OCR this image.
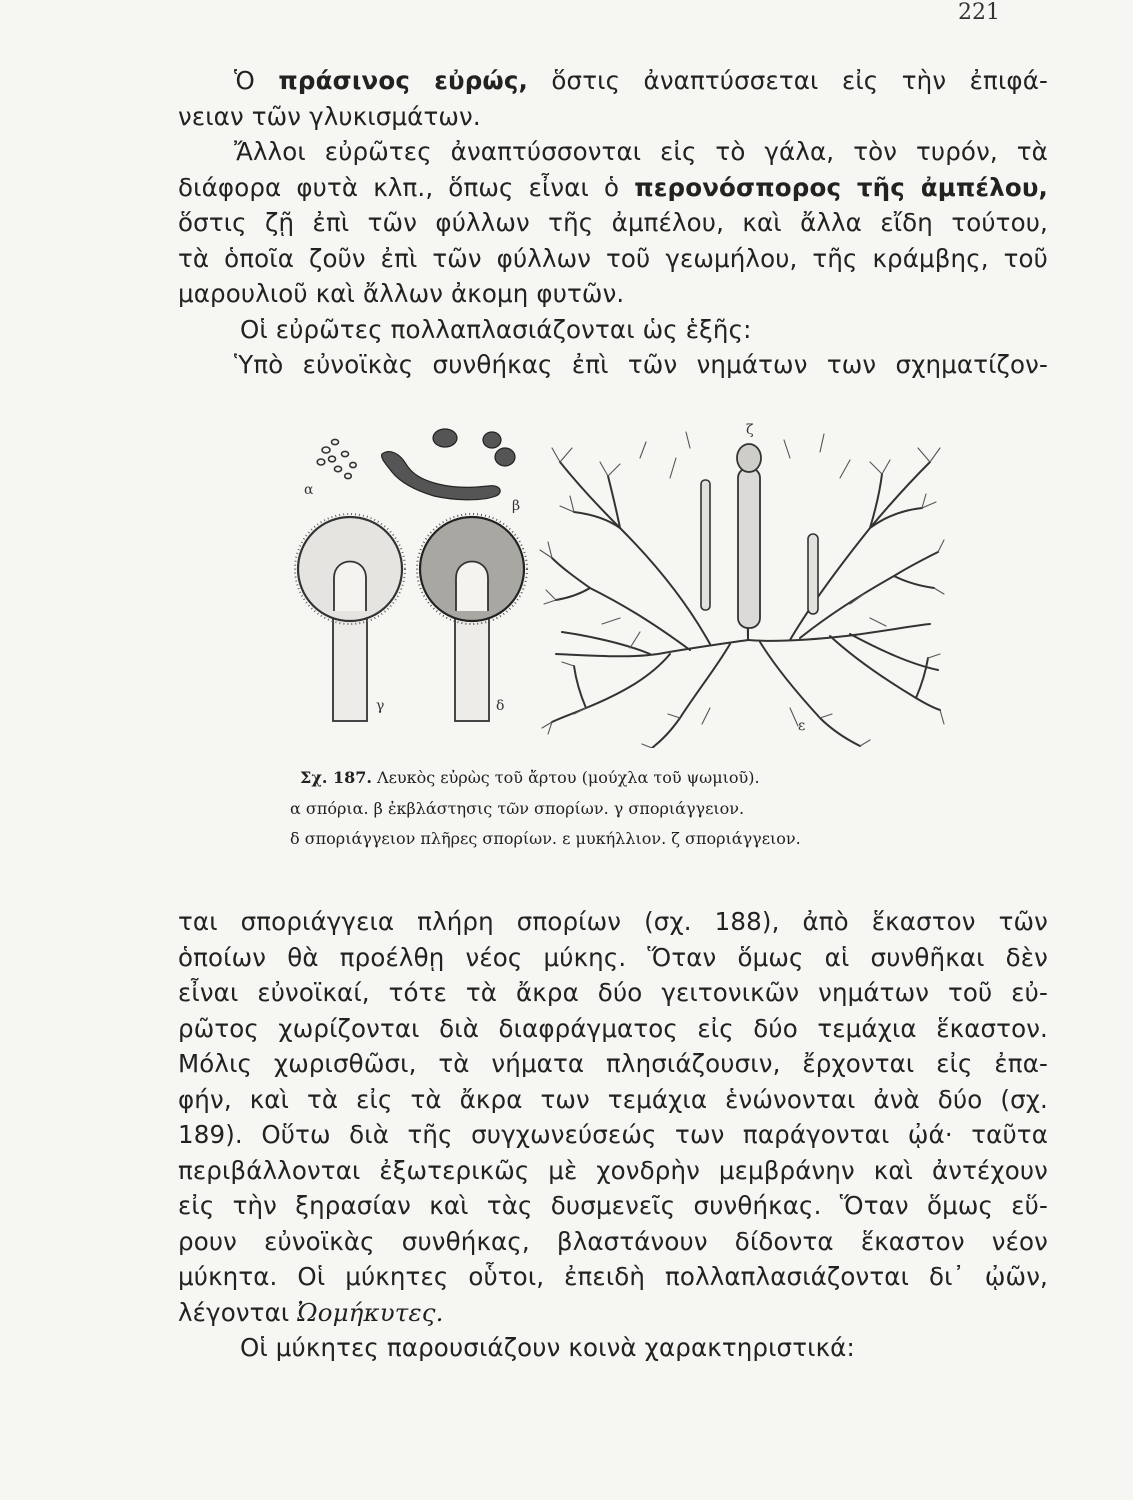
221
Ὁ πράσινος εὐρώς, ὅστις ἀναπτύσσεται εἰς τὴν ἐπιφά-
νειαν τῶν γλυκισμάτων.
Ἄλλοι εὐρῶτες ἀναπτύσσονται εἰς τὸ γάλα, τὸν τυρόν, τὰ
διάφορα φυτὰ κλπ., ὅπως εἶναι ὁ περονόσπορος τῆς ἀμπέλου,
ὅστις ζῇ ἐπὶ τῶν φύλλων τῆς ἀμπέλου, καὶ ἄλλα εἴδη τούτου,
τὰ ὁποῖα ζοῦν ἐπὶ τῶν φύλλων τοῦ γεωμήλου, τῆς κράμβης, τοῦ
μαρουλιοῦ καὶ ἄλλων ἀκομη φυτῶν.
Οἱ εὐρῶτες πολλαπλασιάζονται ὡς ἑξῆς:
Ὑπὸ εὐνοϊκὰς συνθήκας ἐπὶ τῶν νημάτων των σχηματίζον-
α
β
γ	δ
ε
ζ
Σχ. 187. Λευκὸς εὐρὼς τοῦ ἄρτου (μούχλα τοῦ ψωμιοῦ).
α σπόρια. β ἐκβλάστησις τῶν σπορίων. γ σποριάγγειον.
δ σποριάγγειον πλῆρες σπορίων. ε μυκήλλιον. ζ σποριάγγειον.
ται σποριάγγεια πλήρη σπορίων (σχ. 188), ἀπὸ ἕκαστον τῶν
ὁποίων θὰ προέλθῃ νέος μύκης. Ὅταν ὅμως αἱ συνθῆκαι δὲν
εἶναι εὐνοϊκαί, τότε τὰ ἄκρα δύο γειτονικῶν νημάτων τοῦ εὐ-
ρῶτος χωρίζονται διὰ διαφράγματος εἰς δύο τεμάχια ἕκαστον.
Μόλις χωρισθῶσι, τὰ νήματα πλησιάζουσιν, ἔρχονται εἰς ἐπα-
φήν, καὶ τὰ εἰς τὰ ἄκρα των τεμάχια ἑνώνονται ἀνὰ δύο (σχ.
189). Οὕτω διὰ τῆς συγχωνεύσεώς των παράγονται ᾠά· ταῦτα
περιβάλλονται ἐξωτερικῶς μὲ χονδρὴν μεμβράνην καὶ ἀντέχουν
εἰς τὴν ξηρασίαν καὶ τὰς δυσμενεῖς συνθήκας. Ὅταν ὅμως εὕ-
ρουν εὐνοϊκὰς συνθήκας, βλαστάνουν δίδοντα ἕκαστον νέον
μύκητα. Οἱ μύκητες οὗτοι, ἐπειδὴ πολλαπλασιάζονται δι᾽ ᾠῶν,
λέγονται Ὠομήκυτες.
Οἱ μύκητες παρουσιάζουν κοινὰ χαρακτηριστικά:
